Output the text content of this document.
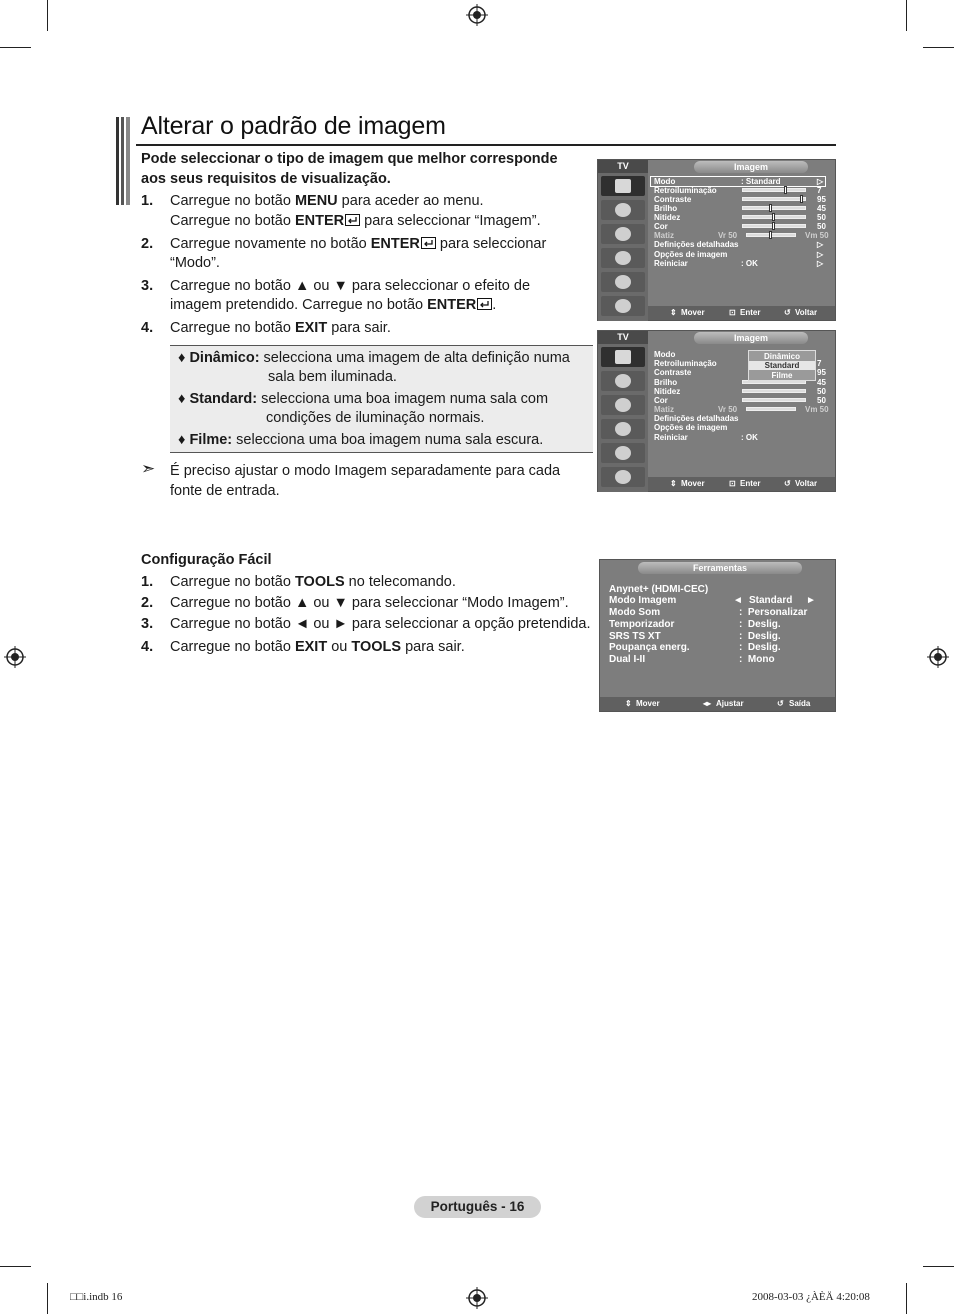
Alterar o padrão de imagem
Pode seleccionar o tipo de imagem que melhor corresponde
aos seus requisitos de visualização.
1. Carregue no botão MENU para aceder ao menu.
Carregue no botão ENTER para seleccionar “Imagem”.
2. Carregue novamente no botão ENTER para seleccionar
“Modo”.
3. Carregue no botão ▲ ou ▼ para seleccionar o efeito de
imagem pretendido. Carregue no botão ENTER .
4. Carregue no botão EXIT para sair.
♦ Dinâmico: selecciona uma imagem de alta definição numa
sala bem iluminada.
♦ Standard: selecciona uma boa imagem numa sala com
condições de iluminação normais.
♦ Filme: selecciona uma boa imagem numa sala escura.
➣ É preciso ajustar o modo Imagem separadamente para cada
fonte de entrada.
TV	Imagem
Modo	: Standard	▷
Retroiluminação	7
Contraste	95
Brilho	45
Nitidez	50
Cor	50
Matiz	Vr 50	Vm 50
Definições detalhadas	▷
Opções de imagem	▷
Reiniciar	: OK	▷
⇕ Mover	⊡ Enter	↺ Voltar
TV	Imagem
Modo
Retroiluminação	7
Contraste	95
Brilho	45
Nitidez	50
Cor	50
Matiz	Vr 50	Vm 50
Definições detalhadas
Opções de imagem
Reiniciar	: OK
Dinâmico
Standard
Filme
⇕ Mover	⊡ Enter	↺ Voltar
Configuração Fácil
1. Carregue no botão TOOLS no telecomando.
2. Carregue no botão ▲ ou ▼ para seleccionar “Modo Imagem”.
3. Carregue no botão ◄ ou ► para seleccionar a opção pretendida.
4. Carregue no botão EXIT ou TOOLS para sair.
Ferramentas
Anynet+ (HDMI-CEC)
Modo Imagem	◄ Standard ►
Modo Som	:  Personalizar
Temporizador	:  Deslig.
SRS TS XT	:  Deslig.
Poupança energ.	:  Deslig.
Dual I-II	:  Mono
⇕ Mover	◂▸ Ajustar	↺ Saída
Português - 16
□□i.indb 16	2008-03-03 ¿ÀÈÄ 4:20:08
